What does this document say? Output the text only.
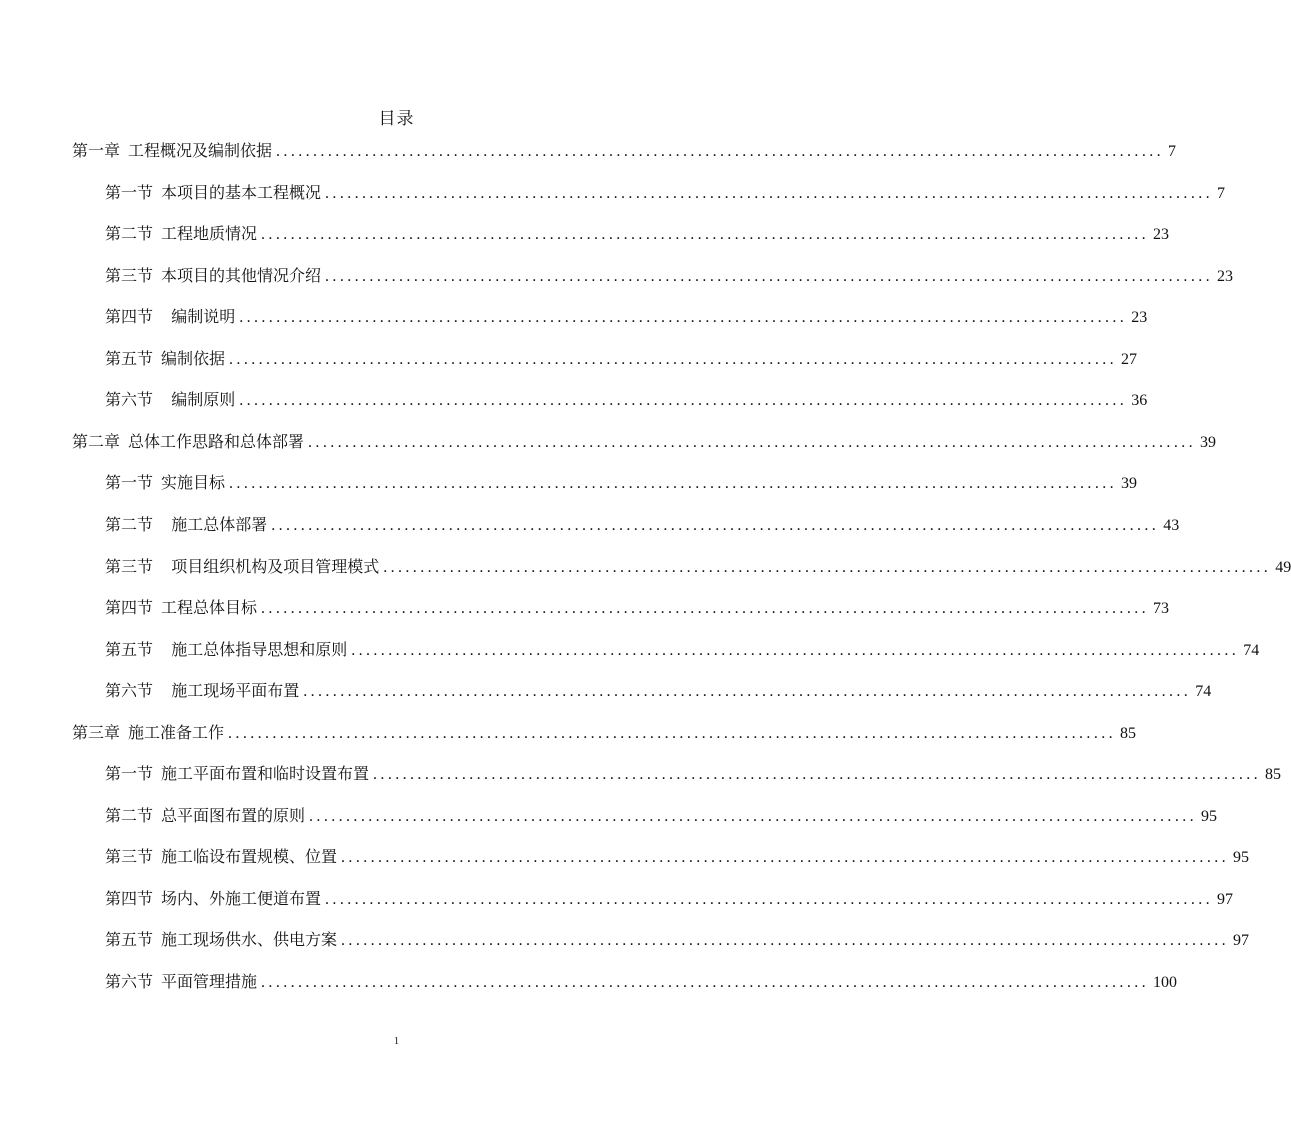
目录
第一章 工程概况及编制依据 ........................................................................................................................ 7
第一节 本项目的基本工程概况 ........................................................................................................................ 7
第二节 工程地质情况 ........................................................................................................................ 23
第三节 本项目的其他情况介绍 ........................................................................................................................ 23
第四节  编制说明 ........................................................................................................................ 23
第五节 编制依据 ........................................................................................................................ 27
第六节  编制原则 ........................................................................................................................ 36
第二章 总体工作思路和总体部署 ........................................................................................................................ 39
第一节 实施目标 ........................................................................................................................ 39
第二节  施工总体部署 ........................................................................................................................ 43
第三节  项目组织机构及项目管理模式 ........................................................................................................................ 49
第四节 工程总体目标 ........................................................................................................................ 73
第五节  施工总体指导思想和原则 ........................................................................................................................ 74
第六节  施工现场平面布置 ........................................................................................................................ 74
第三章 施工准备工作 ........................................................................................................................ 85
第一节 施工平面布置和临时设置布置 ........................................................................................................................ 85
第二节 总平面图布置的原则 ........................................................................................................................ 95
第三节 施工临设布置规模、位置 ........................................................................................................................ 95
第四节 场内、外施工便道布置 ........................................................................................................................ 97
第五节 施工现场供水、供电方案 ........................................................................................................................ 97
第六节 平面管理措施 ........................................................................................................................ 100
1
